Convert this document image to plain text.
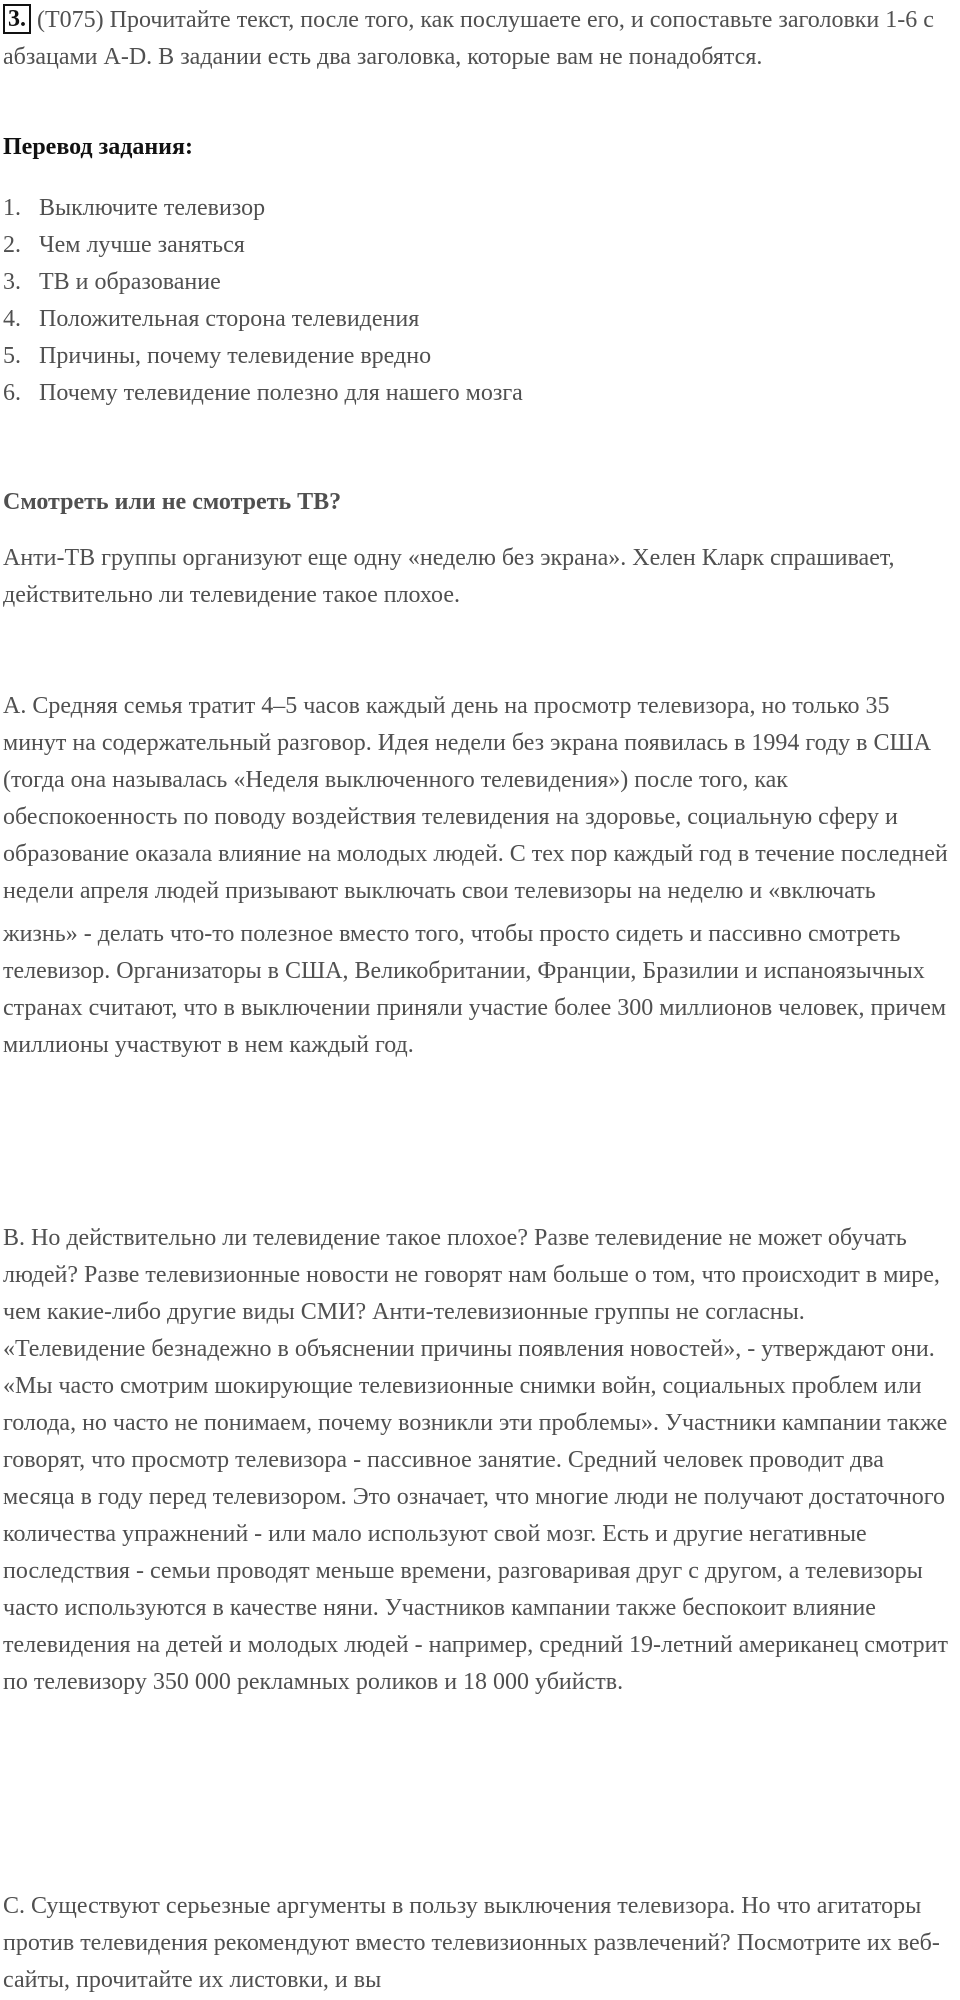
3. (T075) Прочитайте текст, после того, как послушаете его, и сопоставьте заголовки 1-6 с абзацами A-D. В задании есть два заголовка, которые вам не понадобятся.
Перевод задания:
1. Выключите телевизор
2. Чем лучше заняться
3. ТВ и образование
4. Положительная сторона телевидения
5. Причины, почему телевидение вредно
6. Почему телевидение полезно для нашего мозга
Смотреть или не смотреть ТВ?

Анти-ТВ группы организуют еще одну «неделю без экрана». Хелен Кларк спрашивает, действительно ли телевидение такое плохое.

A. Средняя семья тратит 4–5 часов каждый день на просмотр телевизора, но только 35 минут на содержательный разговор. Идея недели без экрана появилась в 1994 году в США (тогда она называлась «Неделя выключенного телевидения») после того, как обеспокоенность по поводу воздействия телевидения на здоровье, социальную сферу и образование оказала влияние на молодых людей. С тех пор каждый год в течение последней недели апреля людей призывают выключать свои телевизоры на неделю и «включать
жизнь» - делать что-то полезное вместо того, чтобы просто сидеть и пассивно смотреть телевизор. Организаторы в США, Великобритании, Франции, Бразилии и испаноязычных странах считают, что в выключении приняли участие более 300 миллионов человек, причем миллионы участвуют в нем каждый год.

B. Но действительно ли телевидение такое плохое? Разве телевидение не может обучать людей? Разве телевизионные новости не говорят нам больше о том, что происходит в мире, чем какие-либо другие виды СМИ? Анти-телевизионные группы не согласны. «Телевидение безнадежно в объяснении причины появления новостей», - утверждают они. «Мы часто смотрим шокирующие телевизионные снимки войн, социальных проблем или голода, но часто не понимаем, почему возникли эти проблемы». Участники кампании также говорят, что просмотр телевизора - пассивное занятие. Средний человек проводит два месяца в году перед телевизором. Это означает, что многие люди не получают достаточного количества упражнений - или мало используют свой мозг. Есть и другие негативные последствия - семьи проводят меньше времени, разговаривая друг с другом, а телевизоры часто используются в качестве няни. Участников кампании также беспокоит влияние телевидения на детей и молодых людей - например, средний 19-летний американец смотрит по телевизору 350 000 рекламных роликов и 18 000 убийств.

C. Существуют серьезные аргументы в пользу выключения телевизора. Но что агитаторы против телевидения рекомендуют вместо телевизионных развлечений? Посмотрите их веб-сайты, прочитайте их листовки, и вы
